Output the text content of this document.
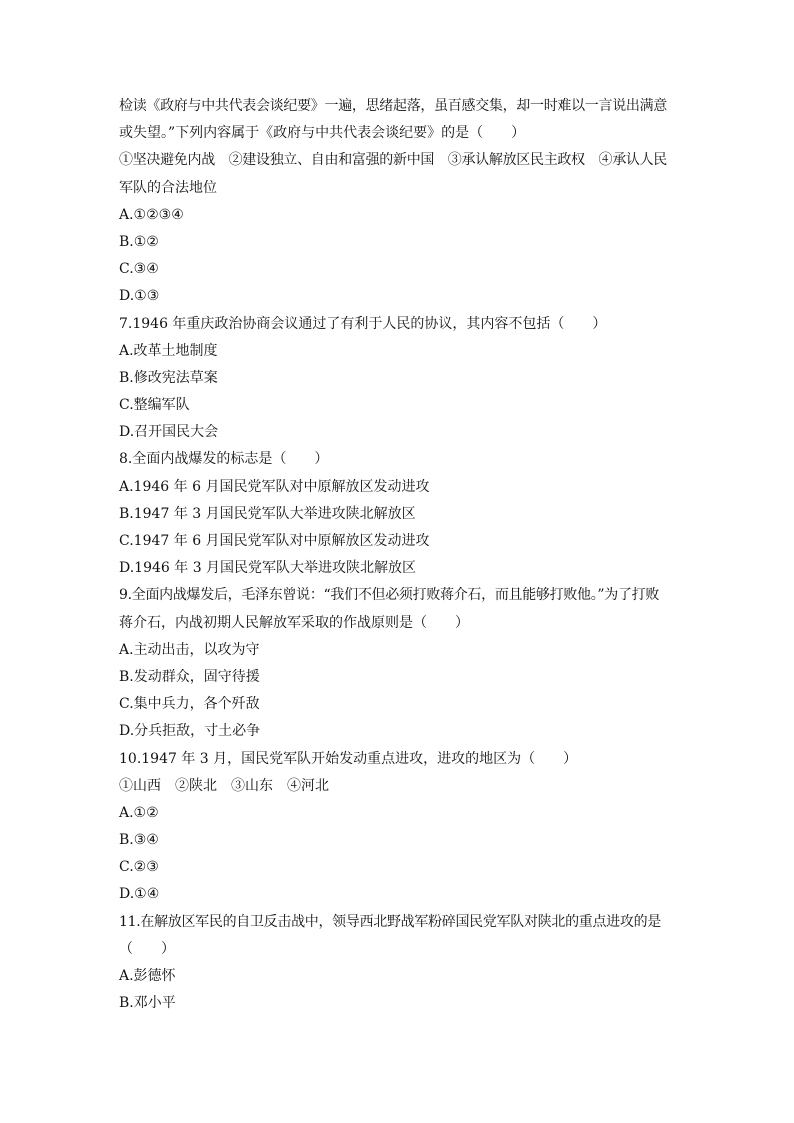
检读《政府与中共代表会谈纪要》一遍，思绪起落，虽百感交集，却一时难以一言说出满意
或失望。”下列内容属于《政府与中共代表会谈纪要》的是（　　）
①坚决避免内战　②建设独立、自由和富强的新中国　③承认解放区民主政权　④承认人民
军队的合法地位
A.①②③④
B.①②
C.③④
D.①③
7.1946 年重庆政治协商会议通过了有利于人民的协议，其内容不包括（　　）
A.改革土地制度
B.修改宪法草案
C.整编军队
D.召开国民大会
8.全面内战爆发的标志是（　　）
A.1946 年 6 月国民党军队对中原解放区发动进攻
B.1947 年 3 月国民党军队大举进攻陕北解放区
C.1947 年 6 月国民党军队对中原解放区发动进攻
D.1946 年 3 月国民党军队大举进攻陕北解放区
9.全面内战爆发后，毛泽东曾说：“我们不但必须打败蒋介石，而且能够打败他。”为了打败
蒋介石，内战初期人民解放军采取的作战原则是（　　）
A.主动出击，以攻为守
B.发动群众，固守待援
C.集中兵力，各个歼敌
D.分兵拒敌，寸土必争
10.1947 年 3 月，国民党军队开始发动重点进攻，进攻的地区为（　　）
①山西　②陕北　③山东　④河北
A.①②
B.③④
C.②③
D.①④
11.在解放区军民的自卫反击战中，领导西北野战军粉碎国民党军队对陕北的重点进攻的是
（　　）
A.彭德怀
B.邓小平
